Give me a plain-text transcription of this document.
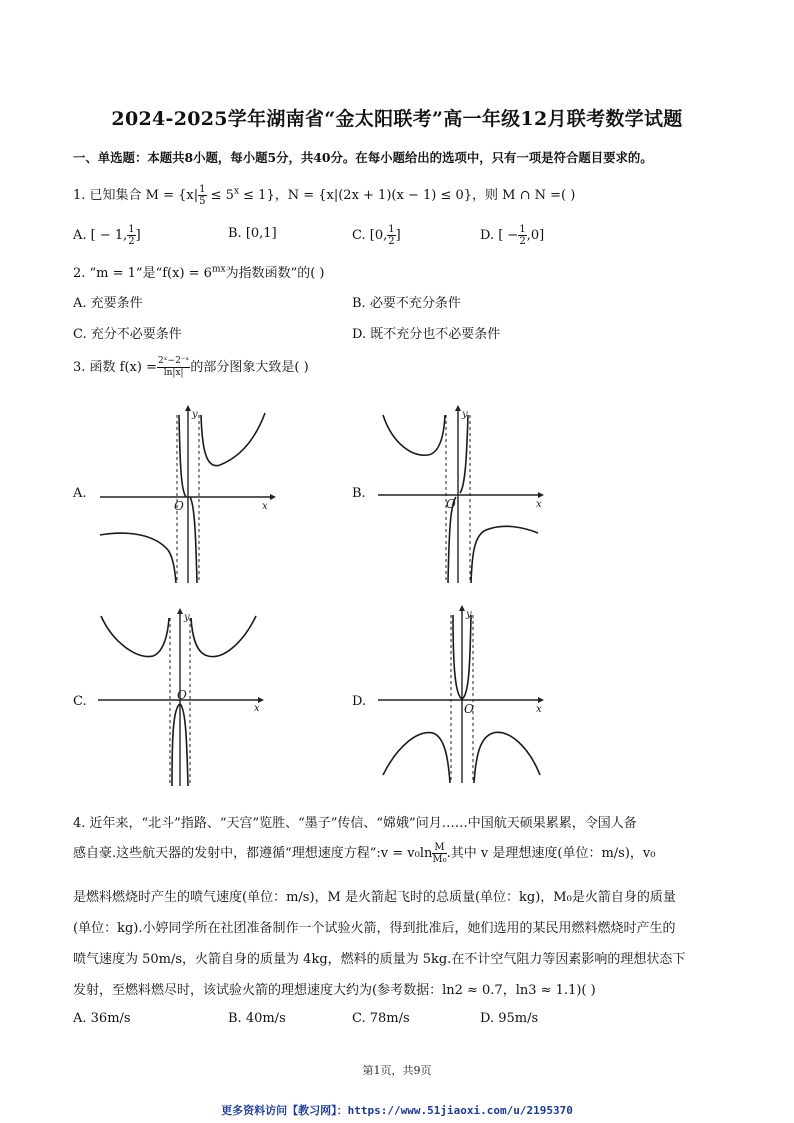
2024-2025学年湖南省“金太阳联考”高一年级12月联考数学试题
一、单选题：本题共8小题，每小题5分，共40分。在每小题给出的选项中，只有一项是符合题目要求的。
1. 已知集合 $M = \{x| \frac{1}{5} \le 5^x \le 1\}$，N = {x|(2x + 1)(x − 1) ≤ 0}，则 M ∩ N =( )
A. [ − 1, $\frac{1}{2}$ ]	B. [0,1]	C. [0, $\frac{1}{2}$ ]	D. [ − $\frac{1}{2} ,0$]
2. “m = 1”是“$f(x) = 6^{mx}$为指数函数”的( )
A. 充要条件	B. 必要不充分条件
C. 充分不必要条件	D. 既不充分也不必要条件
3. 函数 $f(x) = \frac{\text{2ˣ−2⁻ˣ}}{\ln|x|}$ 的部分图象大致是( )
A.	B.
C.	D.
x
y
O	x
y
O
x
y
O
x
y
O
4. 近年来，“北斗”指路、“天宫”览胜、“墨子”传信、“嫦娥”问月……中国航天硕果累累，令国人备
感自豪.这些航天器的发射中，都遵循“理想速度方程”:v = $v_0\ln \frac{M}{\text{M₀}}$ .其中 v 是理想速度(单位：m/s)，v₀
是燃料燃烧时产生的喷气速度(单位：m/s)，M 是火箭起飞时的总质量(单位：kg)，M₀是火箭自身的质量
(单位：kg).小婷同学所在社团准备制作一个试验火箭，得到批准后，她们选用的某民用燃料燃烧时产生的
喷气速度为 50m/s，火箭自身的质量为 4kg，燃料的质量为 5kg.在不计空气阻力等因素影响的理想状态下
发射，至燃料燃尽时，该试验火箭的理想速度大约为(参考数据：ln2 ≈ 0.7，ln3 ≈ 1.1)( )
A. 36m/s	B. 40m/s	C. 78m/s	D. 95m/s
第1页，共9页
更多资料访问【教习网】：https://www.51jiaoxi.com/u/2195370
